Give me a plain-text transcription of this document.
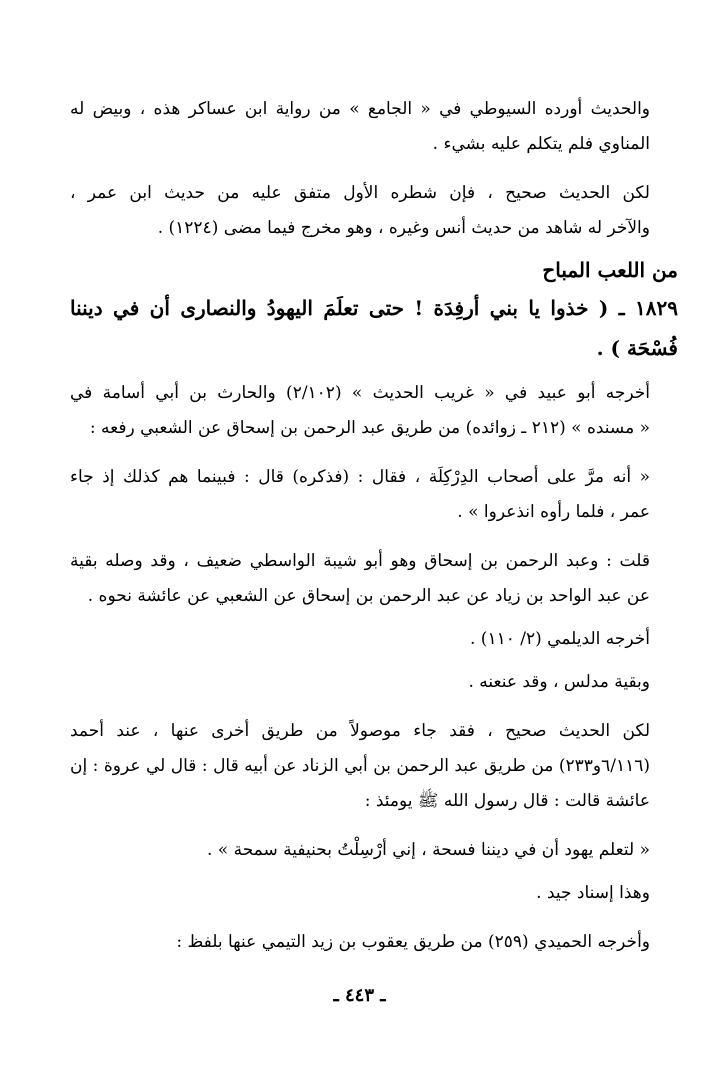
والحديث أورده السيوطي في « الجامع » من رواية ابن عساكر هذه ، وبيض له
المناوي فلم يتكلم عليه بشيء .

لكن الحديث صحيح ، فإن شطره الأول متفق عليه من حديث ابن عمر ،
والآخر له شاهد من حديث أنس وغيره ، وهو مخرج فيما مضى (١٢٢٤) .

من اللعب المباح

١٨٢٩ ـ ( خذوا يا بني أرفِدَة ! حتى تعلَمَ اليهودُ والنصارى أن في ديننا
فُسْحَة ) .

أخرجه أبو عبيد في « غريب الحديث » (٢/١٠٢) والحارث بن أبي أسامة في
« مسنده » (٢١٢ ـ زوائده) من طريق عبد الرحمن بن إسحاق عن الشعبي رفعه :

« أنه مرَّ على أصحاب الدِرْكِلَة ، فقال : (فذكره) قال : فبينما هم كذلك إذ جاء
عمر ، فلما رأوه انذعروا » .

قلت : وعبد الرحمن بن إسحاق وهو أبو شيبة الواسطي ضعيف ، وقد وصله بقية
عن عبد الواحد بن زياد عن عبد الرحمن بن إسحاق عن الشعبي عن عائشة نحوه .

أخرجه الديلمي (٢/ ١١٠) .

وبقية مدلس ، وقد عنعنه .

لكن الحديث صحيح ، فقد جاء موصولاً من طريق أخرى عنها ، عند أحمد
(٦/١١٦و٢٣٣) من طريق عبد الرحمن بن أبي الزناد عن أبيه قال : قال لي عروة : إن
عائشة قالت : قال رسول الله ﷺ يومئذ :

« لتعلم يهود أن في ديننا فسحة ، إني أرْسِلْتُ بحنيفية سمحة » .

وهذا إسناد جيد .

وأخرجه الحميدي (٢٥٩) من طريق يعقوب بن زيد التيمي عنها بلفظ :

ـ ٤٤٣ ـ
